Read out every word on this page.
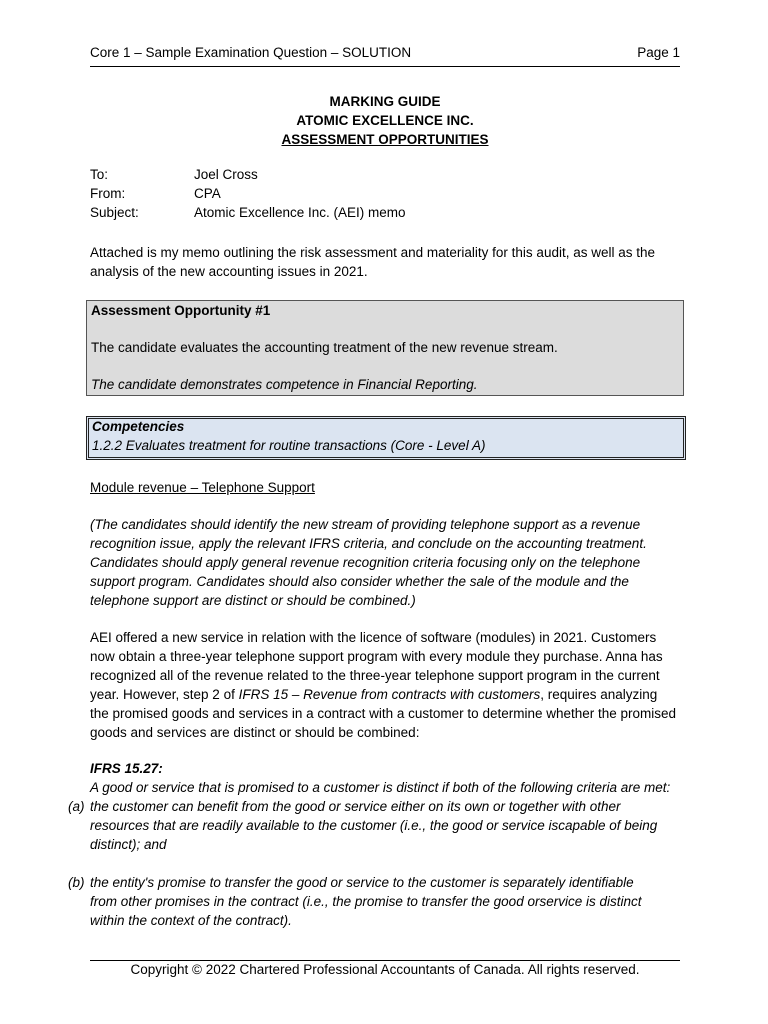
Core 1 – Sample Examination Question – SOLUTION	Page 1
MARKING GUIDE
ATOMIC EXCELLENCE INC.
ASSESSMENT OPPORTUNITIES
To:	Joel Cross
From:	CPA
Subject:	Atomic Excellence Inc. (AEI) memo
Attached is my memo outlining the risk assessment and materiality for this audit, as well as the
analysis of the new accounting issues in 2021.
Assessment Opportunity #1
The candidate evaluates the accounting treatment of the new revenue stream.
The candidate demonstrates competence in Financial Reporting.
Competencies
1.2.2 Evaluates treatment for routine transactions (Core - Level A)
Module revenue – Telephone Support
(The candidates should identify the new stream of providing telephone support as a revenue
recognition issue, apply the relevant IFRS criteria, and conclude on the accounting treatment.
Candidates should apply general revenue recognition criteria focusing only on the telephone
support program. Candidates should also consider whether the sale of the module and the
telephone support are distinct or should be combined.)
AEI offered a new service in relation with the licence of software (modules) in 2021. Customers
now obtain a three-year telephone support program with every module they purchase. Anna has
recognized all of the revenue related to the three-year telephone support program in the current
year. However, step 2 of IFRS 15 – Revenue from contracts with customers, requires analyzing
the promised goods and services in a contract with a customer to determine whether the promised
goods and services are distinct or should be combined:
IFRS 15.27:
A good or service that is promised to a customer is distinct if both of the following criteria are met:
(a) the customer can benefit from the good or service either on its own or together with other
resources that are readily available to the customer (i.e., the good or service iscapable of being
distinct); and
(b) the entity's promise to transfer the good or service to the customer is separately identifiable
from other promises in the contract (i.e., the promise to transfer the good orservice is distinct
within the context of the contract).
Copyright © 2022 Chartered Professional Accountants of Canada. All rights reserved.
